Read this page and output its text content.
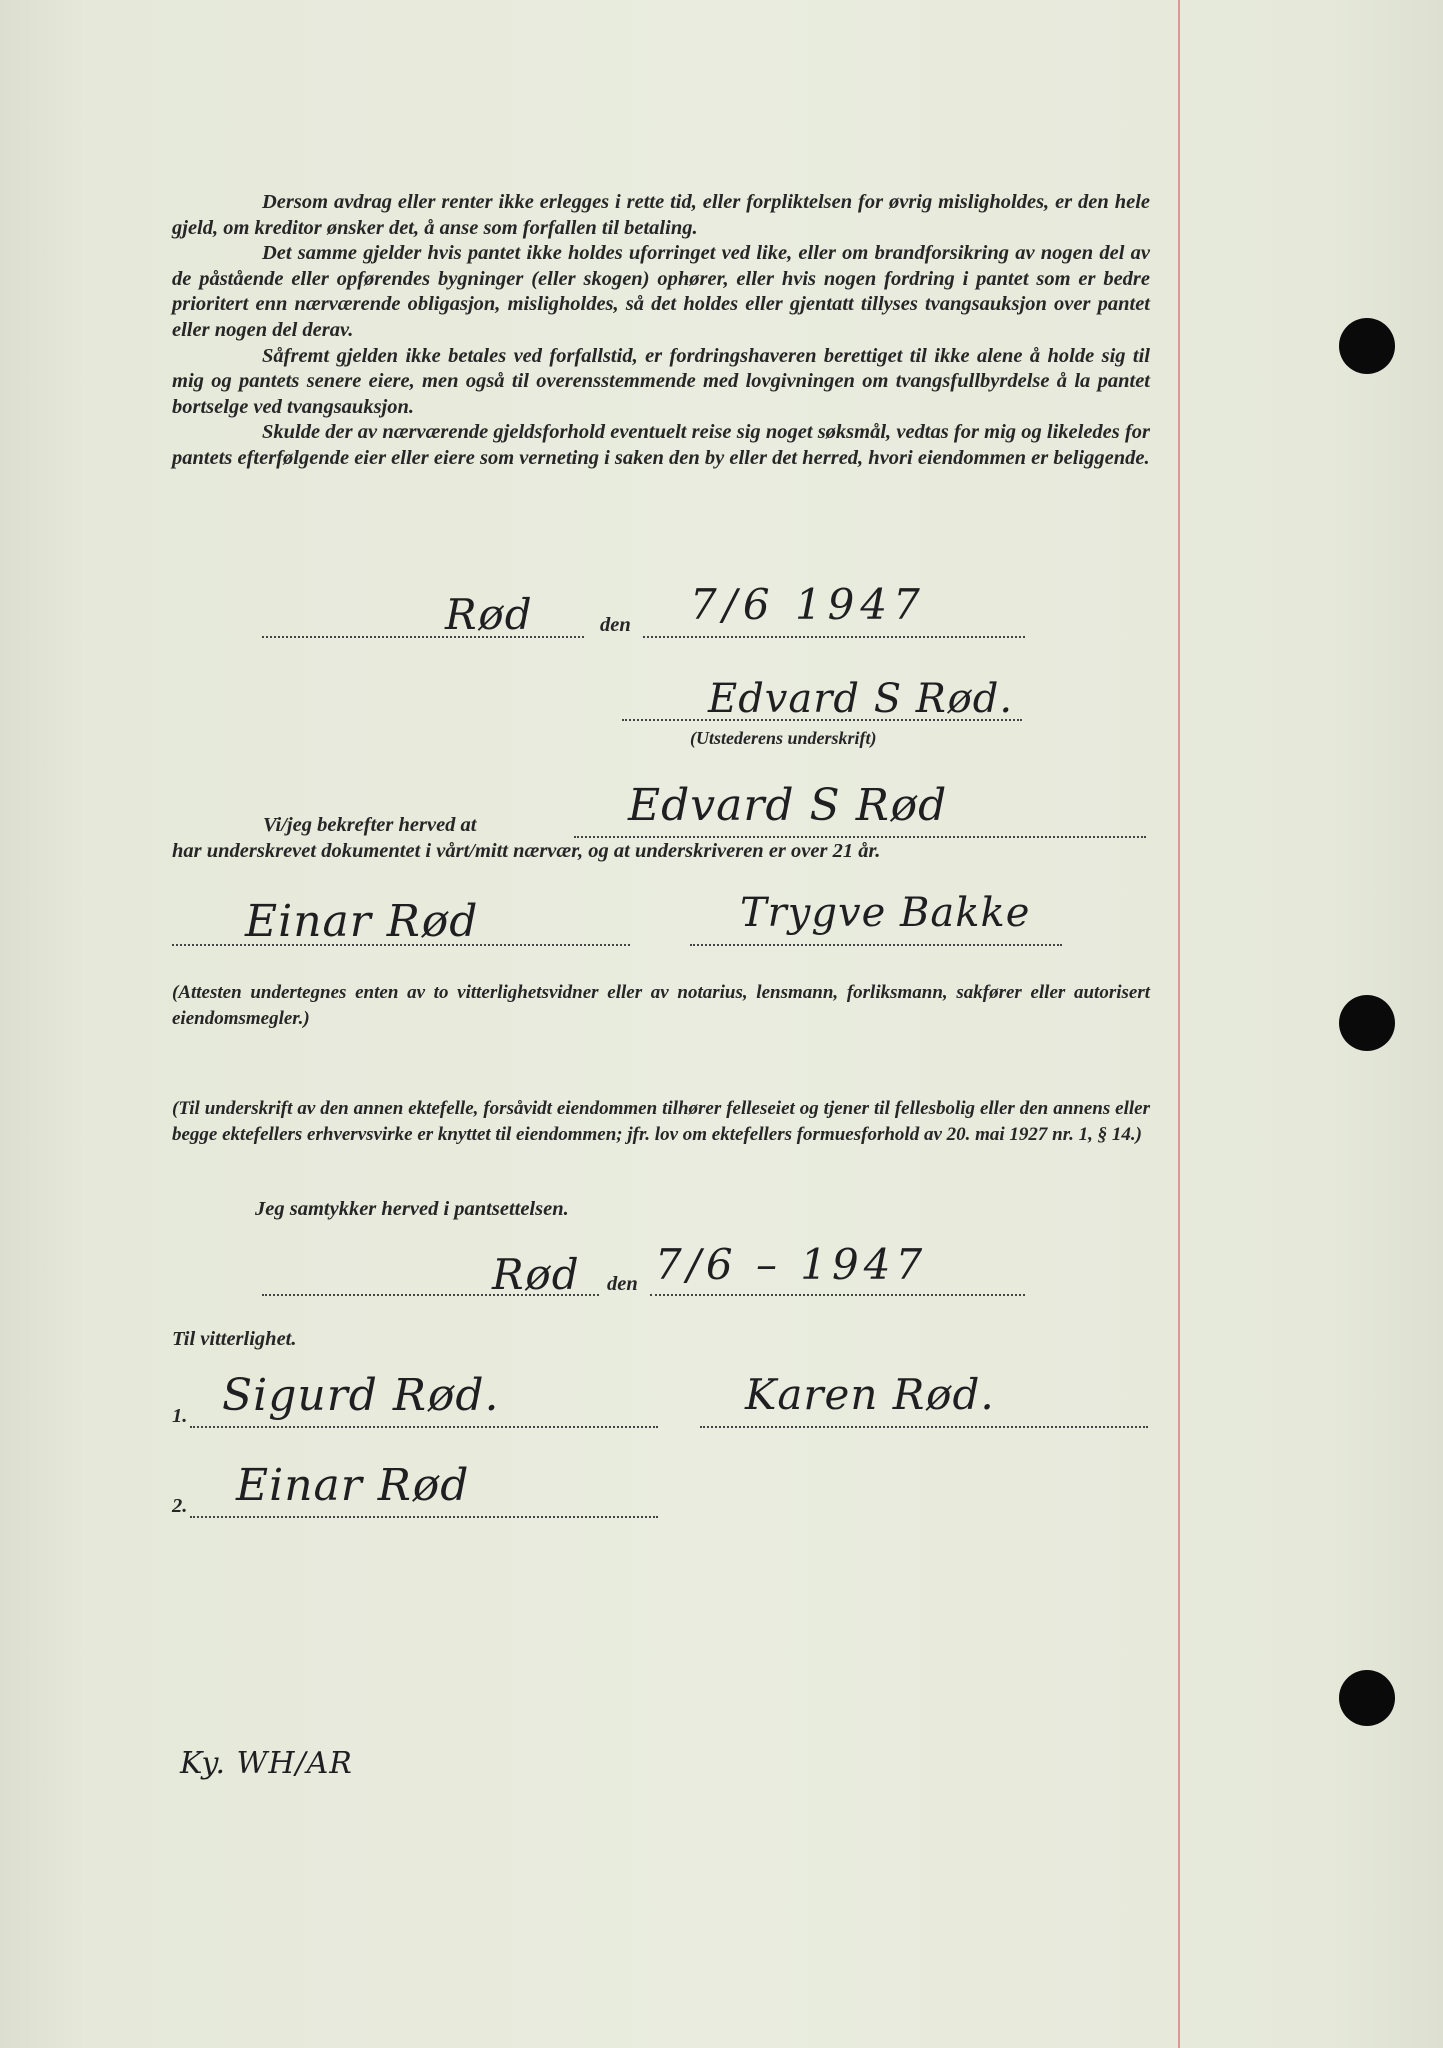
​

Dersom avdrag eller renter ikke erlegges i rette tid, eller forpliktelsen for øvrig misligholdes, er den hele gjeld, om kreditor ønsker det, å anse som forfallen til betaling.

Det samme gjelder hvis pantet ikke holdes uforringet ved like, eller om brandforsikring av nogen del av de påstående eller opførendes bygninger (eller skogen) ophører, eller hvis nogen fordring i pantet som er bedre prioritert enn nærværende obligasjon, misligholdes, så det holdes eller gjentatt tillyses tvangsauksjon over pantet eller nogen del derav.

Såfremt gjelden ikke betales ved forfallstid, er fordringshaveren berettiget til ikke alene å holde sig til mig og pantets senere eiere, men også til overensstemmende med lovgivningen om tvangsfullbyrdelse å la pantet bortselge ved tvangsauksjon.

Skulde der av nærværende gjeldsforhold eventuelt reise sig noget søksmål, vedtas for mig og likeledes for pantets efterfølgende eier eller eiere som verneting i saken den by eller det herred, hvori eiendommen er beliggende.

Rød	den 7/6 1947
Edvard S Rød.
(Utstederens underskrift)
Vi/jeg bekrefter herved at	Edvard S Rød
har underskrevet dokumentet i vårt/mitt nærvær, og at underskriveren er over 21 år.
Einar Rød	Trygve Bakke
(Attesten undertegnes enten av to vitterlighetsvidner eller av notarius, lensmann, forliksmann, sakfører eller autorisert eiendomsmegler.)
(Til underskrift av den annen ektefelle, forsåvidt eiendommen tilhører felleseiet og tjener til fellesbolig eller den annens eller begge ektefellers erhvervsvirke er knyttet til eiendommen; jfr. lov om ektefellers formuesforhold av 20. mai 1927 nr. 1, § 14.)
Jeg samtykker herved i pantsettelsen.
Rød den 7/6 – 1947
Til vitterlighet.
1. Sigurd Rød.	Karen Rød.
2. Einar Rød
Ky. WH/AR
